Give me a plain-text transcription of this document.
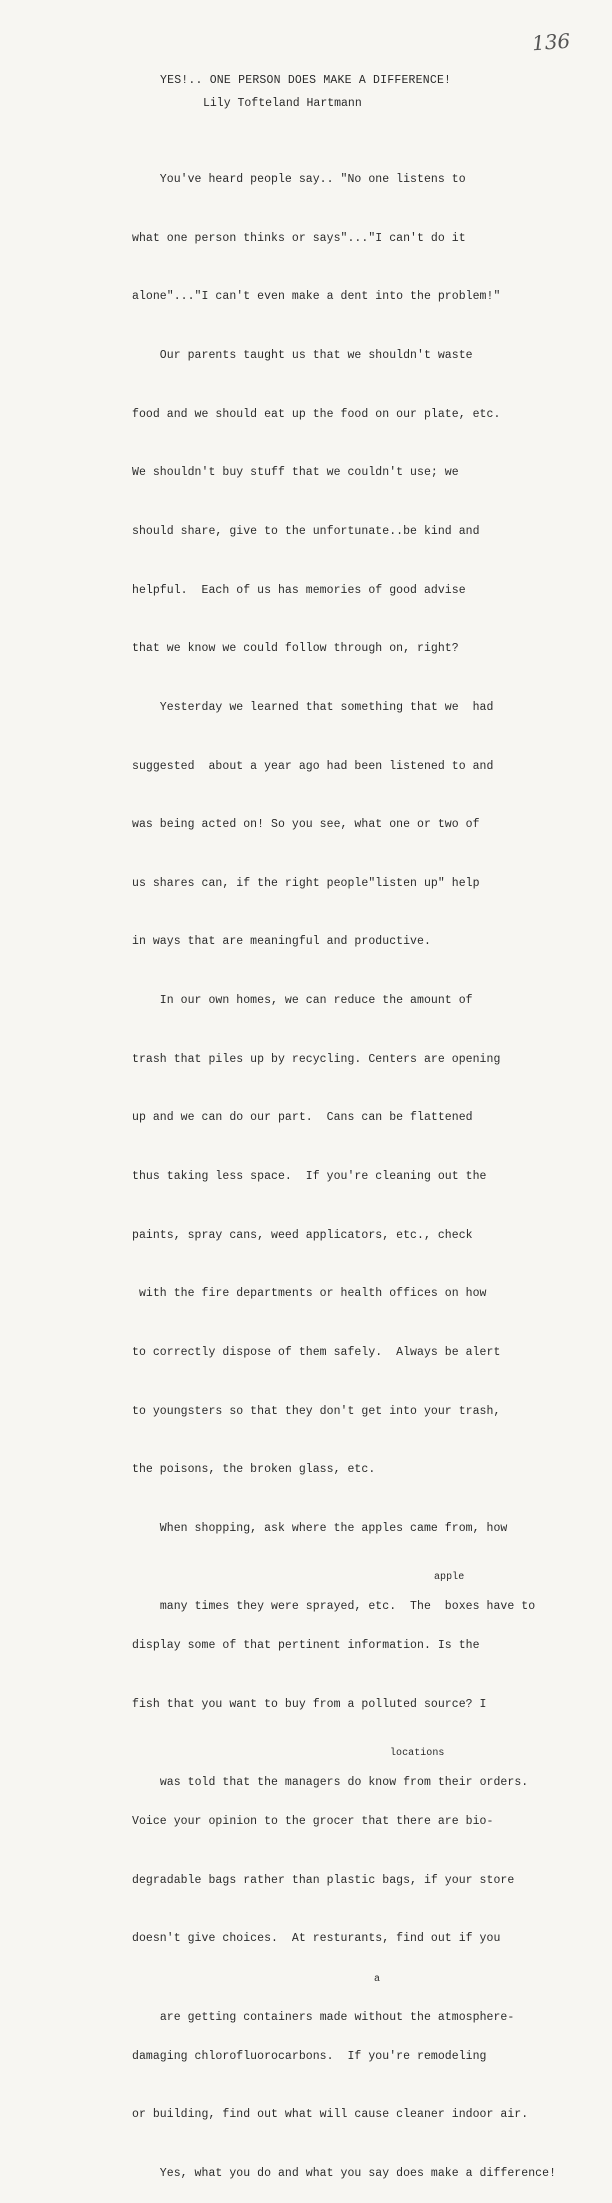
136
YES!.. ONE PERSON DOES MAKE A DIFFERENCE!
Lily Tofteland Hartmann

You've heard people say.. "No one listens to

what one person thinks or says"..."I can't do it

alone"..."I can't even make a dent into the problem!"

Our parents taught us that we shouldn't waste

food and we should eat up the food on our plate, etc.

We shouldn't buy stuff that we couldn't use; we

should share, give to the unfortunate..be kind and

helpful.  Each of us has memories of good advise

that we know we could follow through on, right?

Yesterday we learned that something that we  had

suggested  about a year ago had been listened to and

was being acted on! So you see, what one or two of

us shares can, if the right people"listen up" help

in ways that are meaningful and productive.

In our own homes, we can reduce the amount of

trash that piles up by recycling. Centers are opening

up and we can do our part.  Cans can be flattened

thus taking less space.  If you're cleaning out the

paints, spray cans, weed applicators, etc., check

with the fire departments or health offices on how

to correctly dispose of them safely.  Always be alert

to youngsters so that they don't get into your trash,

the poisons, the broken glass, etc.

When shopping, ask where the apples came from, how

many times they were sprayed, etc.  The  boxes have to

apple

display some of that pertinent information. Is the

fish that you want to buy from a polluted source? I

was told that the managers do know from their orders.

locations

Voice your opinion to the grocer that there are bio-

degradable bags rather than plastic bags, if your store

doesn't give choices.  At resturants, find out if you

are getting containers made without the atmosphere-

a

damaging chlorofluorocarbons.  If you're remodeling

or building, find out what will cause cleaner indoor air.

Yes, what you do and what you say does make a difference!
